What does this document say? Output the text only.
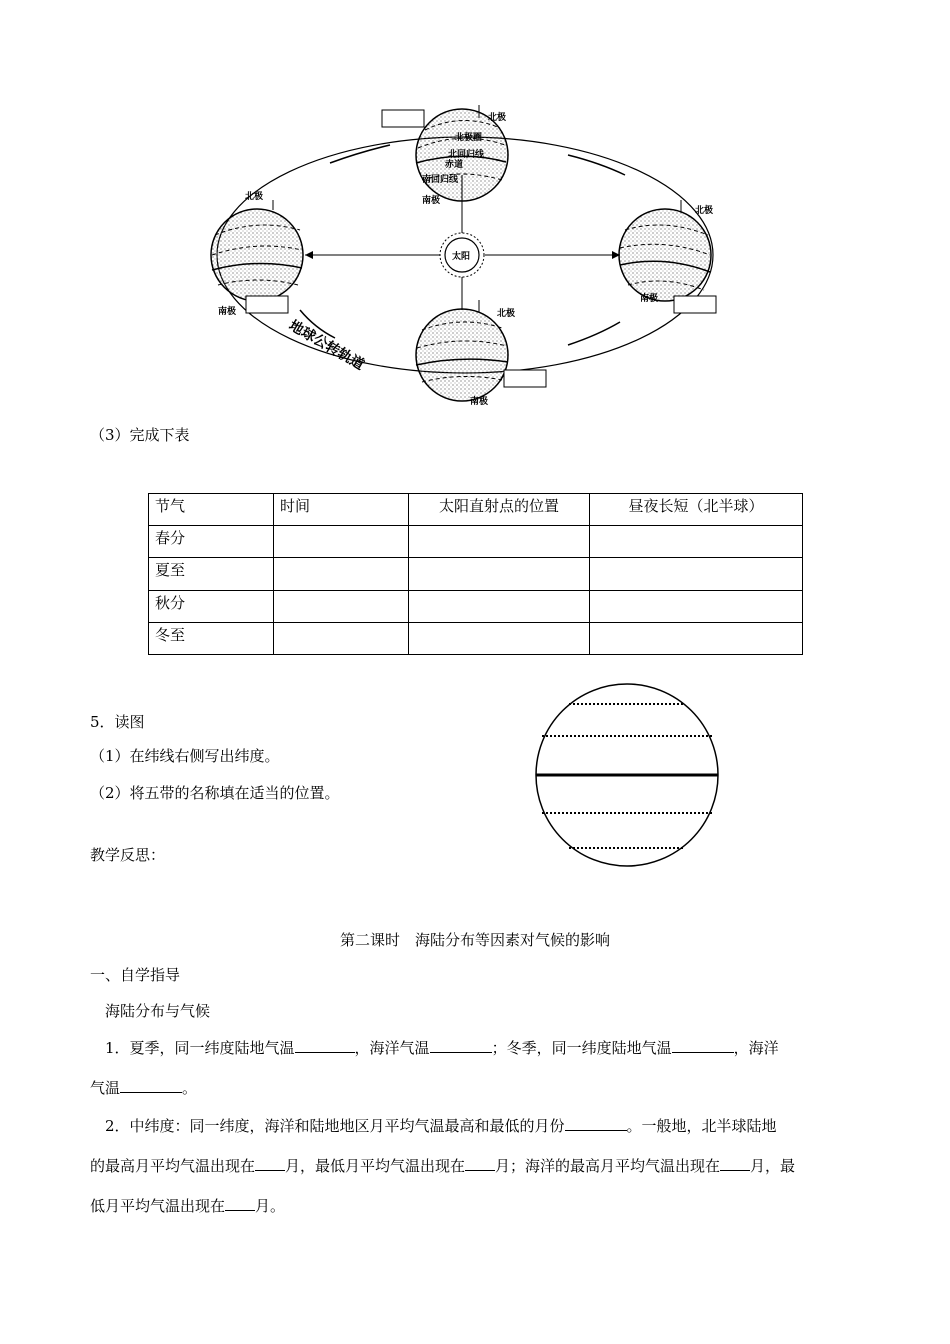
太阳
北极
北极圈
北回归线
赤道
南回归线
南极
北极
南极
北极
南极
北极
南极
地球公转轨道
（3）完成下表
节气	时间	太阳直射点的位置	昼夜长短（北半球）
春分			
夏至			
秋分			
冬至			
5．读图
（1）在纬线右侧写出纬度。
（2）将五带的名称填在适当的位置。
教学反思：
第二课时　海陆分布等因素对气候的影响
一、自学指导
海陆分布与气候
1．夏季，同一纬度陆地气温	，海洋气温	；冬季，同一纬度陆地气温	，海洋
气温	。
2．中纬度：同一纬度，海洋和陆地地区月平均气温最高和最低的月份	。一般地，北半球陆地
的最高月平均气温出现在 月，最低月平均气温出现在 月；海洋的最高月平均气温出现在 月，最
低月平均气温出现在 月。
